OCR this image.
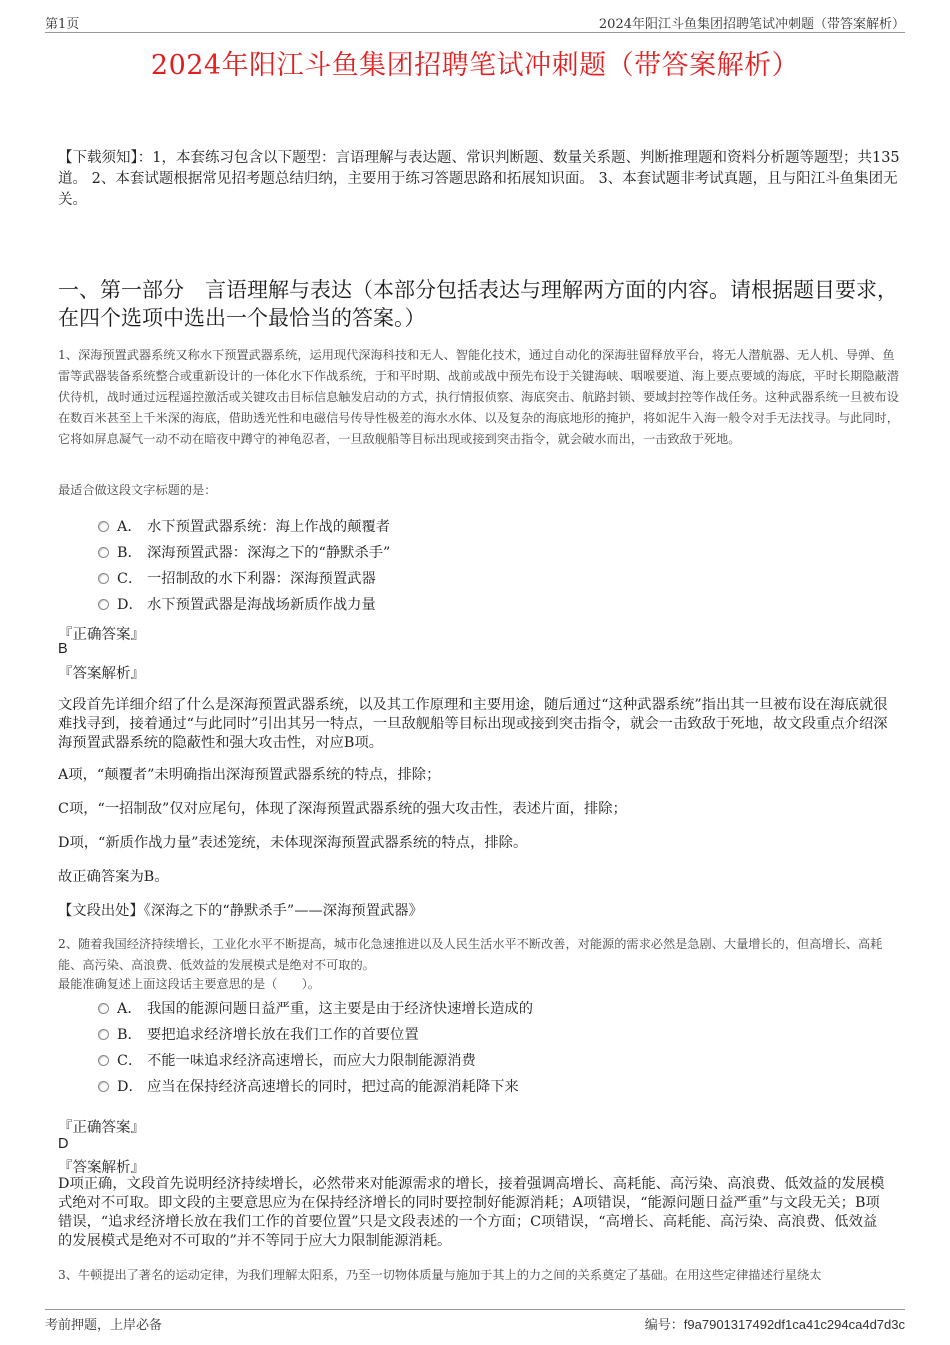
第1页	2024年阳江斗鱼集团招聘笔试冲刺题（带答案解析）
2024年阳江斗鱼集团招聘笔试冲刺题（带答案解析）
【下载须知】：1，本套练习包含以下题型：言语理解与表达题、常识判断题、数量关系题、判断推理题和资料分析题等题型；共135道。 2、本套试题根据常见招考题总结归纳，主要用于练习答题思路和拓展知识面。 3、本套试题非考试真题，且与阳江斗鱼集团无关。
一、第一部分　言语理解与表达（本部分包括表达与理解两方面的内容。请根据题目要求，在四个选项中选出一个最恰当的答案。）
1、深海预置武器系统又称水下预置武器系统，运用现代深海科技和无人、智能化技术，通过自动化的深海驻留释放平台，将无人潜航器、无人机、导弹、鱼雷等武器装备系统整合或重新设计的一体化水下作战系统，于和平时期、战前或战中预先布设于关键海峡、咽喉要道、海上要点要域的海底，平时长期隐蔽潜伏待机，战时通过远程遥控激活或关键攻击目标信息触发启动的方式，执行情报侦察、海底突击、航路封锁、要域封控等作战任务。这种武器系统一旦被布设在数百米甚至上千米深的海底，借助透光性和电磁信号传导性极差的海水水体、以及复杂的海底地形的掩护，将如泥牛入海一般令对手无法找寻。与此同时，它将如屏息凝气一动不动在暗夜中蹲守的神龟忍者，一旦敌舰船等目标出现或接到突击指令，就会破水而出，一击致敌于死地。
最适合做这段文字标题的是：
A． 水下预置武器系统：海上作战的颠覆者
B． 深海预置武器：深海之下的“静默杀手”
C． 一招制敌的水下利器：深海预置武器
D． 水下预置武器是海战场新质作战力量
『正确答案』
B
『答案解析』
文段首先详细介绍了什么是深海预置武器系统，以及其工作原理和主要用途，随后通过“这种武器系统”指出其一旦被布设在海底就很难找寻到，接着通过“与此同时”引出其另一特点，一旦敌舰船等目标出现或接到突击指令，就会一击致敌于死地，故文段重点介绍深海预置武器系统的隐蔽性和强大攻击性，对应B项。
A项，“颠覆者”未明确指出深海预置武器系统的特点，排除；
C项，“一招制敌”仅对应尾句，体现了深海预置武器系统的强大攻击性，表述片面，排除；
D项，“新质作战力量”表述笼统，未体现深海预置武器系统的特点，排除。
故正确答案为B。
【文段出处】《深海之下的“静默杀手”——深海预置武器》
2、随着我国经济持续增长，工业化水平不断提高，城市化急速推进以及人民生活水平不断改善，对能源的需求必然是急剧、大量增长的，但高增长、高耗能、高污染、高浪费、低效益的发展模式是绝对不可取的。
最能准确复述上面这段话主要意思的是（　　）。
A． 我国的能源问题日益严重，这主要是由于经济快速增长造成的
B． 要把追求经济增长放在我们工作的首要位置
C． 不能一味追求经济高速增长，而应大力限制能源消费
D． 应当在保持经济高速增长的同时，把过高的能源消耗降下来
『正确答案』
D
『答案解析』
D项正确，文段首先说明经济持续增长，必然带来对能源需求的增长，接着强调高增长、高耗能、高污染、高浪费、低效益的发展模式绝对不可取。即文段的主要意思应为在保持经济增长的同时要控制好能源消耗；A项错误，“能源问题日益严重”与文段无关；B项错误，“追求经济增长放在我们工作的首要位置”只是文段表述的一个方面；C项错误，“高增长、高耗能、高污染、高浪费、低效益的发展模式是绝对不可取的”并不等同于应大力限制能源消耗。
3、牛顿提出了著名的运动定律，为我们理解太阳系，乃至一切物体质量与施加于其上的力之间的关系奠定了基础。在用这些定律描述行星绕太
考前押题，上岸必备	编号：f9a7901317492df1ca41c294ca4d7d3c
